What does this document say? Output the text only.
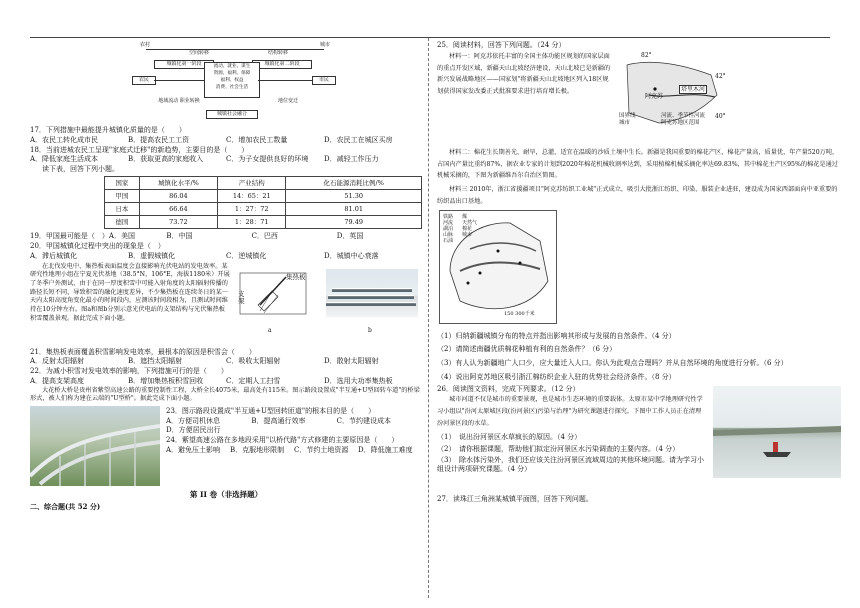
农村	城市
空间转移	结构转移
城镇化第一阶段	城镇化第二阶段
农民	市民
流动、就业、谋生
资源、福利、保障
福利、权益
消费、社会生活
地域流动 职业转换	地位变迁
城镇社会融合

17．下列措施中最能提升城镇化质量的是（　　）

A．农民工转化成市民	B．提高农民工工资	C．增加农民工数量	D．农民工在城区买房

18．当前进城农民工呈现"家庭式迁移"的新趋势，主要目的是（　　）

A．降低家庭生活成本	B．获取更高的家庭收入	C．为子女提供良好的环境	D．减轻工作压力

读下表，回答下列小题。

国家	城镇化水平/%	产业结构	化石能源消耗比例/%
甲国	86.04	14：65：21	51.30
日本	66.64	1：27：72	81.01
德国	73.72	1：28：71	79.49
19．甲国最可能是（　）A．美国	B．中国	C．巴西	D．英国

20．甲国城镇化过程中突出的现象是（　）

A．滞后城镇化	B．虚假城镇化	C．逆城镇化	D．城镇中心衰落

在北伐发电中，集热板表面温度会直接影响光伏电站的发电效率。某研究性地理小组在宁夏光伏基地（38.5°N，106°E，海拔1180米）开展了冬季户外测试，由于在同一厚度积雪中可能入射角度的太阳辐射传播的路径长短不同，导致积雪的融化速度差异，不少集热板在连续冬日的某一天内太阳高度角变化最小的时间段内，应测该时间段相为，且测试时间维持在10分钟左右。图a和图b分别示意光伏电站的支架结构与光伏集热板积雪覆盖景观。据此完成下面小题。

支架
集热板
a	b

21．集热板表面覆盖积雪影响发电效率，最根本的原因是积雪会（　　）

A．反射太阳辐射	B．遮挡太阳辐射	C．吸收太阳辐射	D．散射太阳辐射

22．为减小积雪对发电效率的影响，下列措施可行的是（　　）

A．提高支架高度	B．增加集热板积雪回收	C．定期人工扫雪	D．选用大功率集热板

大花桥大桥是贵州省紫望高速公路的重要控制性工程，大桥全长4075米，最高处有115米。图示路段设置成"半互通+U型回转车道"的桥梁形式，被人们称为建在云端的"U型桥"。据此完成下面小题。

23．图示路段设置成"半互通+U型回转匝道"的根本目的是（　　）

A．方便司机休息	B．提高通行效率	C．节约建设成本

D．方便居民出行

24．紫望高速公路在多地段采用"以桥代路"方式修建的主要原因是（　　）

A．避免压土影响	B．克服地形限制	C．节约土地资源	D．降低施工难度

第 II 卷（非选择题）

二、综合题(共 52 分)

25．阅读材料，回答下列问题。（24 分）

材料一：阿克苏依托丰富的全国主体功能区规划的国家层面的重点开发区域，新疆天山北坡经济建设，天山北坡已是新疆的新兴发展战略地区——国家划"将新疆天山北坡地区列入18区规划获得国家发改委正式批准要求进行培育增长极。

82°
42°
40°
阿克苏
塔里木河
国界线
城市
河流、季节性河流
阿克苏地区范围

材料二：棉花生长期善光，耐旱，总灌，适宜在温暖的沙质土壤中生长。新疆是我国重要的棉花产区，棉花产量高，质量优，年产量520万吨，占国内产量比重约87%，据农业专家的计划到2020年棉花机械收割率达到，采用植棉机械采摘化率达69.83%，其中棉花主产区95%的棉花是通过机械采摘的，下图为新疆维吾尔自治区简图。

材料三 2010年，浙江省援疆项目"阿克苏纺织工业城"正式成立，吸引大批浙江纺织、印染、服装企业进驻，建设成为国家西部面向中亚重要的纺织品出口基地。

铁路
河流
湖泊
山脉
石油
煤
天然气
棉花
城市
150 300千米

（1）归纳新疆城镇分布的特点并指出影响其形成与发展的自然条件。（4 分）

（2）请简述南疆优质棉花种植有利的自然条件？（6 分）

（3）有人认为新疆地广人口少，应大量迁入人口。你认为此观点合理吗？并从自然环境的角度进行分析。（6 分）

（4）说出阿克苏地区吸引浙江棉纺织企业入驻的优势社会经济条件。（8 分）

26．阅读图文资料，完成下列要求。（12 分）

城市河道不仅是城市的重要景观，也是城市生态环境的重要载体。太原市某中学地理研究性学习小组以"汾河太原城区段(汾河景区)污染与治理"为研究课题进行探究。下图中工作人员正在清理汾河景区段的水草。

（1）　说出汾河景区水草疯长的原因。（4 分）

（2）　请你根据课题，帮助他们拟定汾河景区水污染调查的主要内容。（4 分）

（3）　除水体污染外，我们还应该关注汾河景区流域周边的其他环境问题。请为学习小组设计两项研究课题。（4 分）

27．读珠江三角洲某城镇平面图，回答下列问题。
